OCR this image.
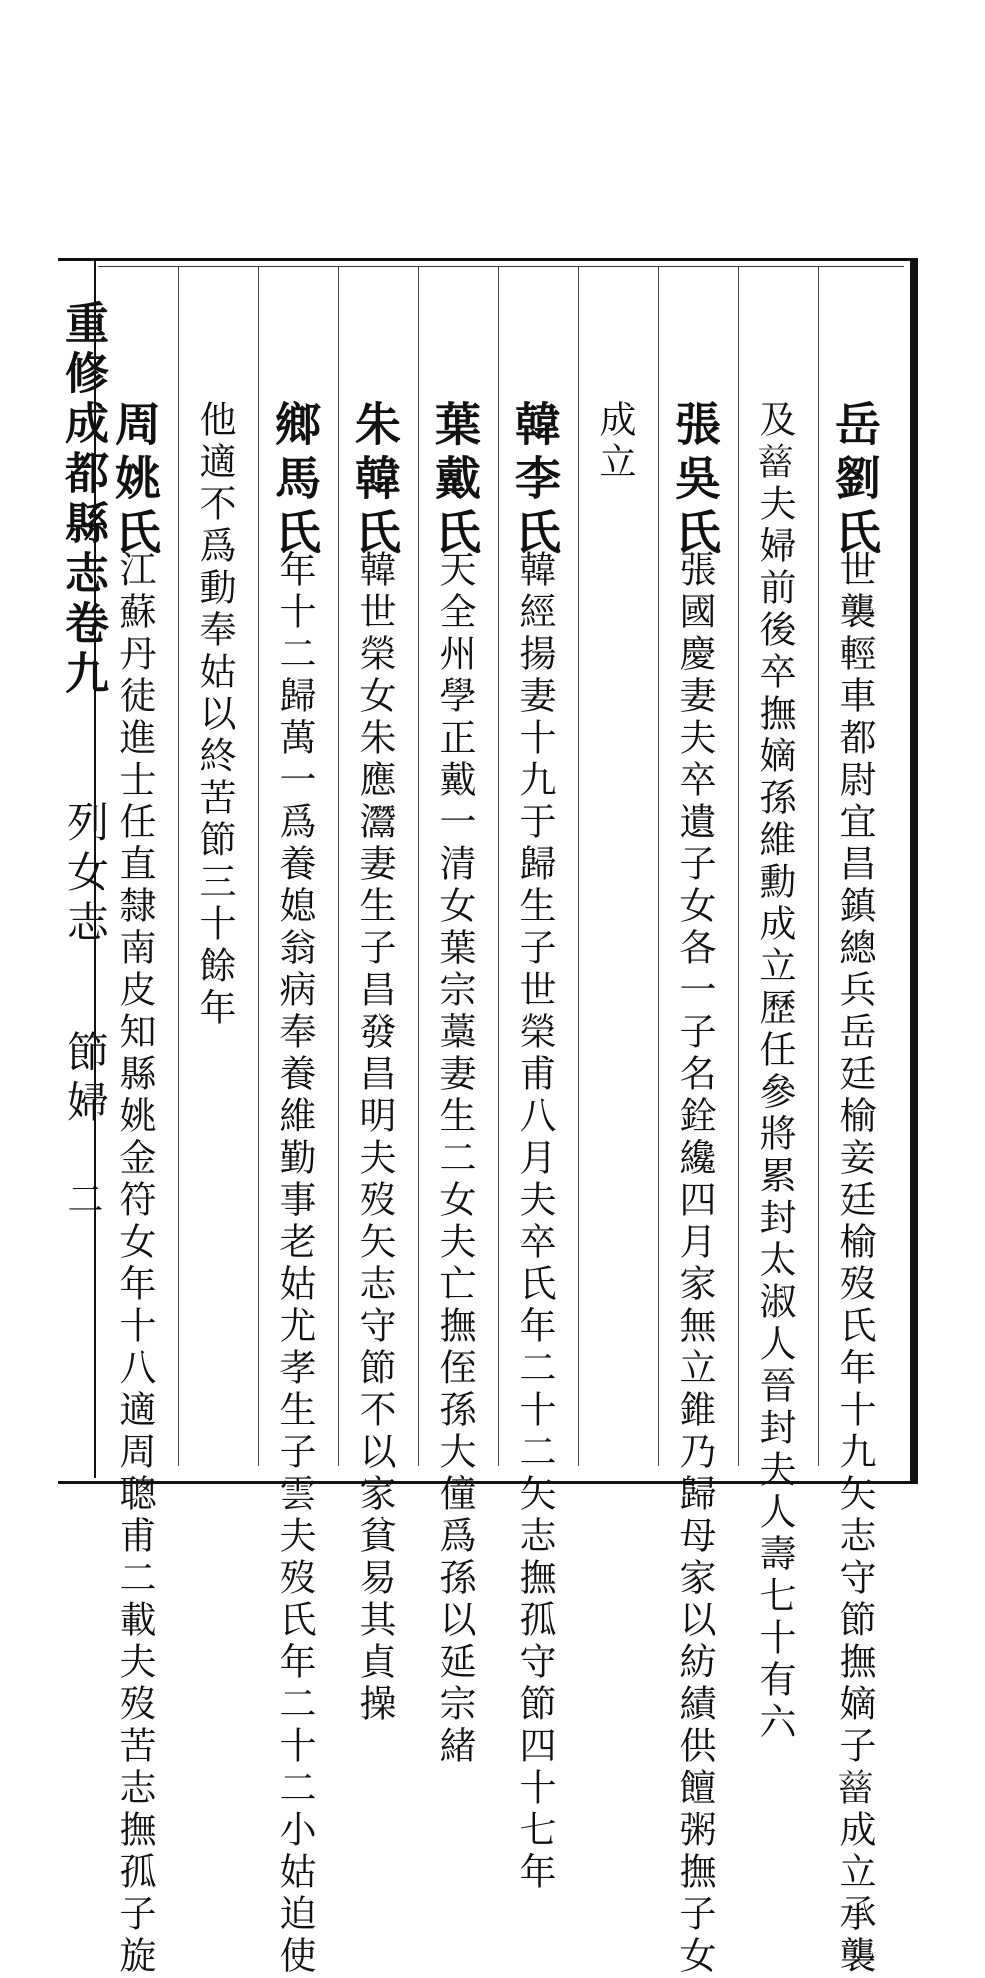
重修成都縣志卷九
列女志
節婦
二
岳劉氏
世襲輕車都尉宜昌鎮總兵岳廷榆妾廷榆歿氏年十九矢志守節撫嫡子𤲸成立承襲
及𤲸夫婦前後卒撫嫡孫維勳成立歷任參將累封太淑人晉封夫人壽七十有六
張吳氏
張國慶妻夫卒遺子女各一子名銓纔四月家無立錐乃歸母家以紡績供饘粥撫子女
成立
韓李氏
韓經揚妻十九于歸生子世榮甫八月夫卒氏年二十二矢志撫孤守節四十七年
葉戴氏
天全州學正戴一清女葉宗藁妻生二女夫亡撫侄孫大僮爲孫以延宗緒
朱韓氏
韓世榮女朱應灊妻生子昌發昌明夫歿矢志守節不以家貧易其貞操
鄉馬氏
年十二歸萬一爲養媳翁病奉養維勤事老姑尤孝生子雲夫歿氏年二十二小姑迫使
他適不爲動奉姑以終苦節三十餘年
周姚氏
江蘇丹徒進士任直隸南皮知縣姚金符女年十八適周聰甫二載夫歿苦志撫孤子旋
